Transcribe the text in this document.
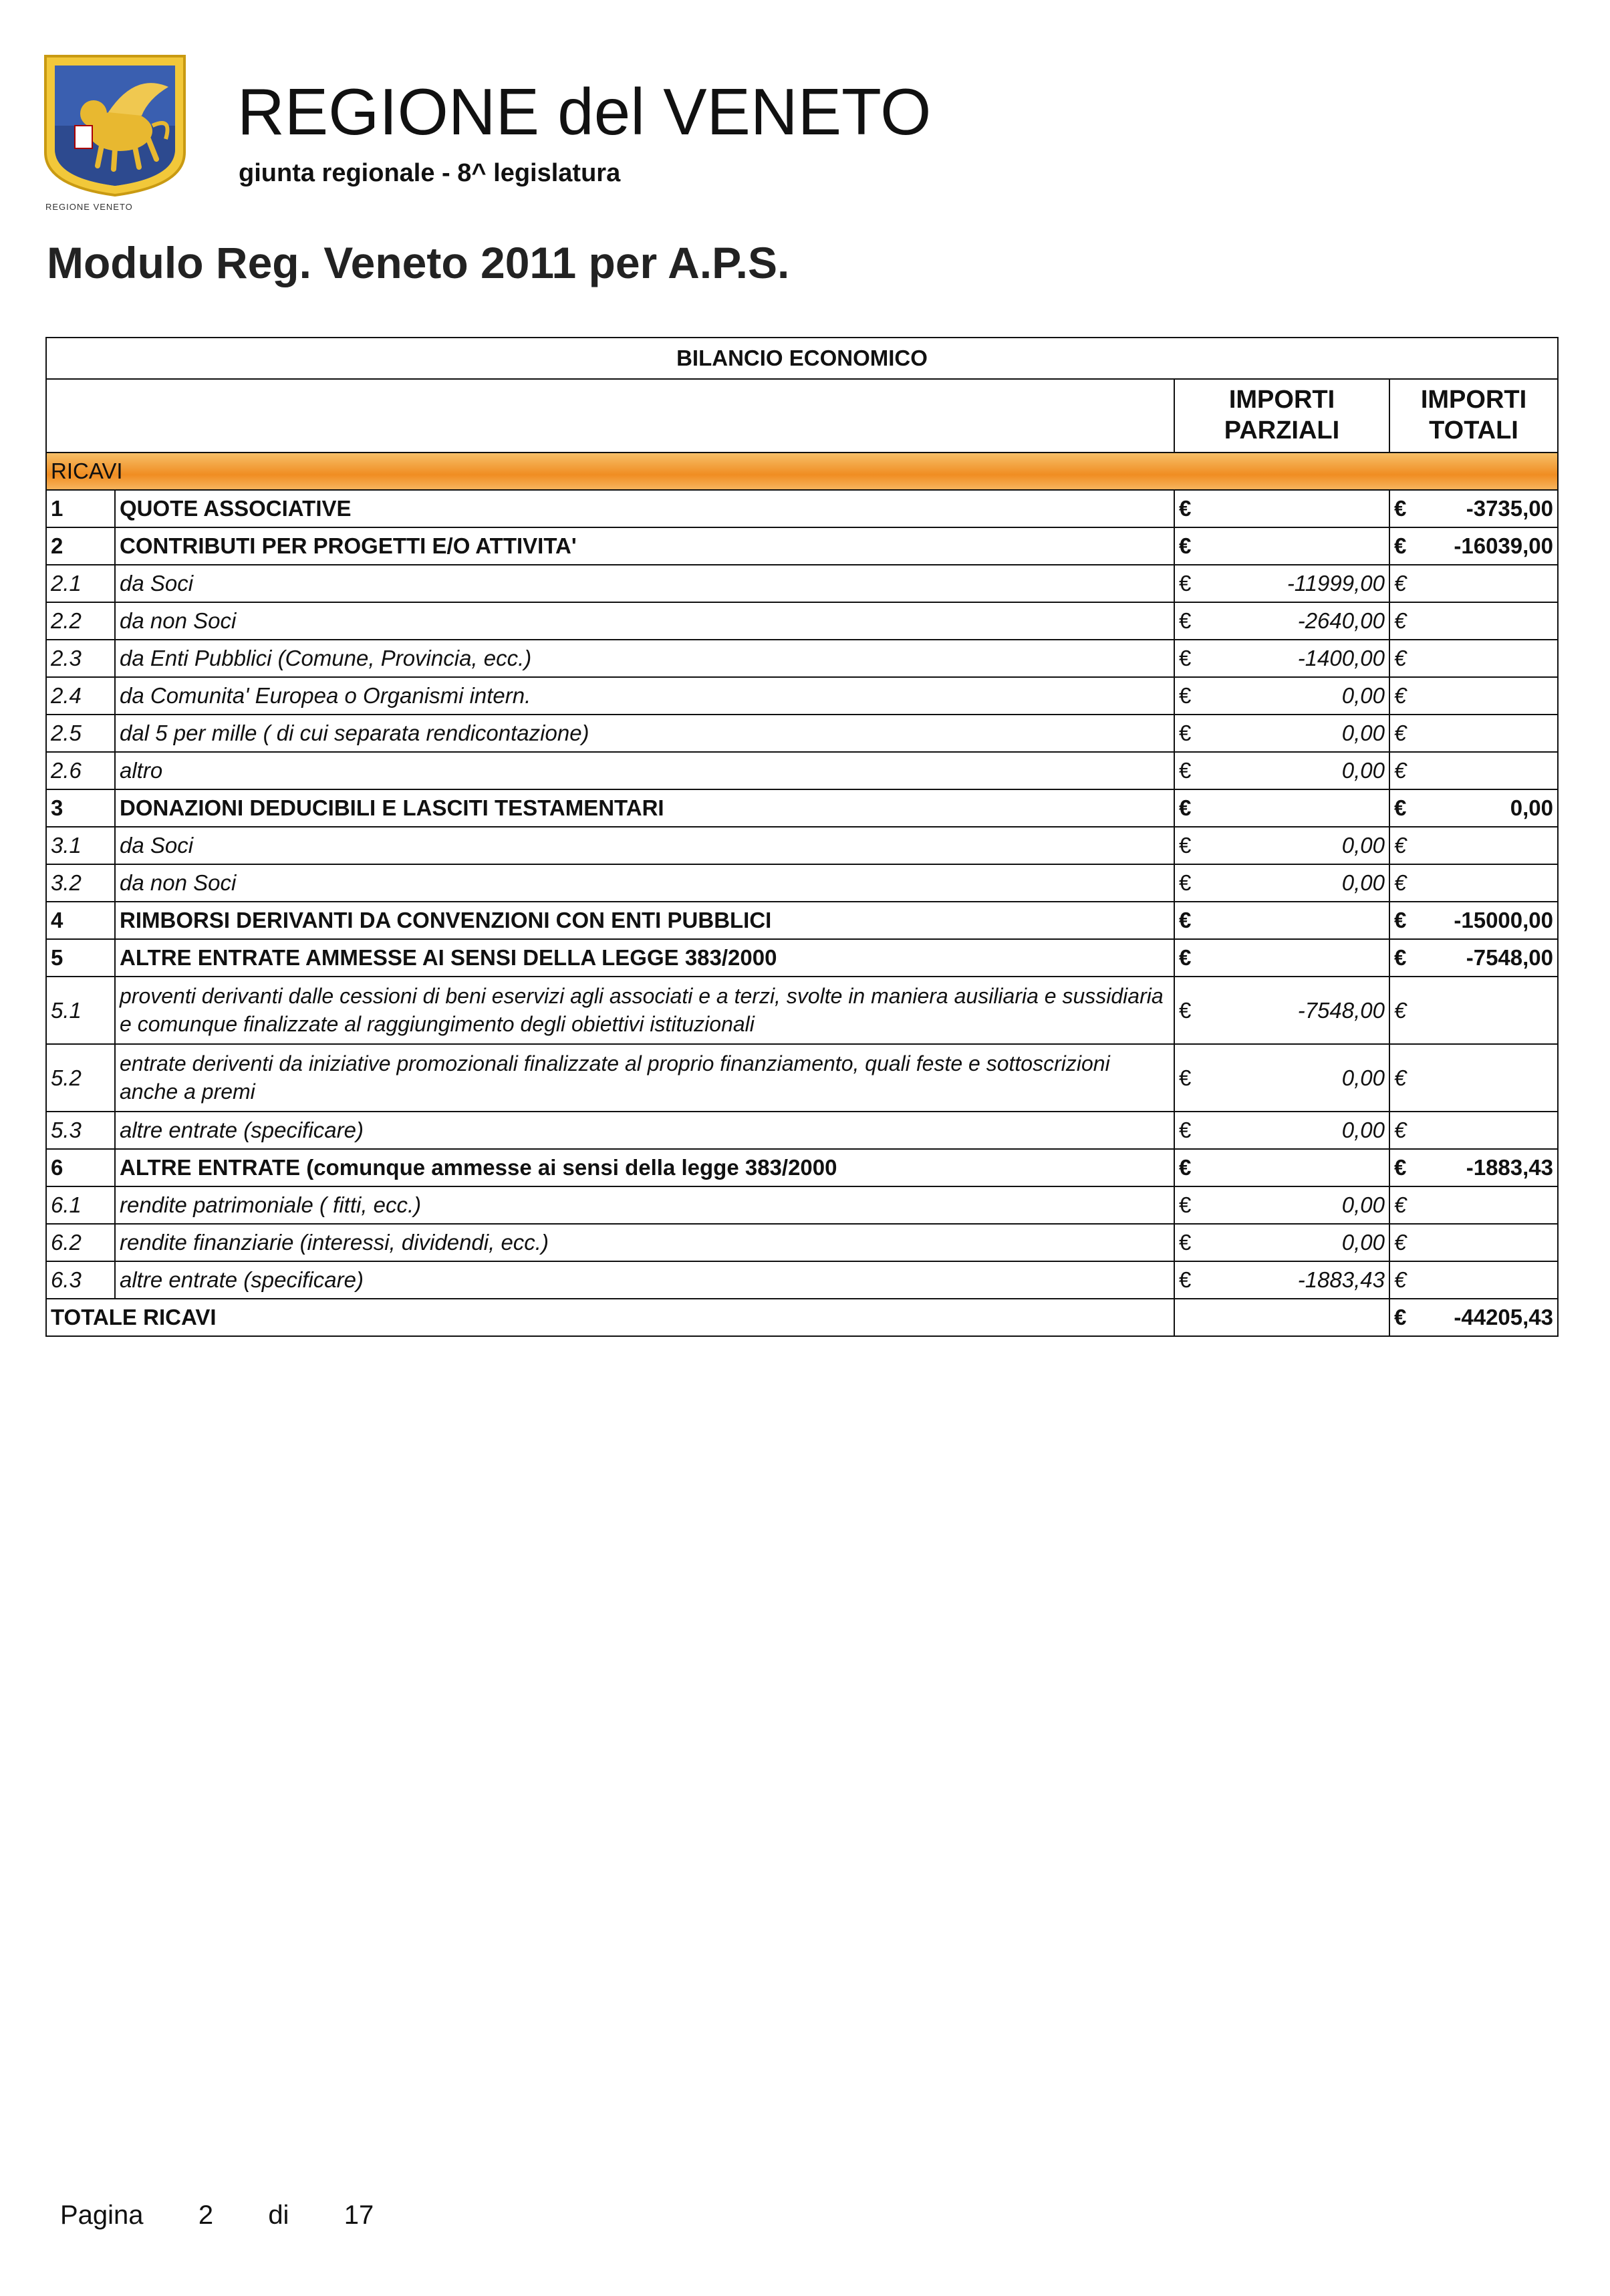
REGIONE VENETO
REGIONE del VENETO
giunta regionale - 8^ legislatura
Modulo Reg. Veneto 2011 per A.P.S.
BILANCIO ECONOMICO			
		IMPORTI PARZIALI	IMPORTI TOTALI
RICAVI			
1	QUOTE ASSOCIATIVE	€	€ -3735,00

2	CONTRIBUTI PER PROGETTI E/O ATTIVITA'	€	€ -16039,00

2.1	da Soci	€ -11999,00	€

2.2	da non Soci	€ -2640,00	€

2.3	da Enti Pubblici (Comune, Provincia, ecc.)	€ -1400,00	€

2.4	da Comunita' Europea o Organismi intern.	€ 0,00	€

2.5	dal 5 per mille ( di cui separata rendicontazione)	€ 0,00	€

2.6	altro	€ 0,00	€

3	DONAZIONI DEDUCIBILI E LASCITI TESTAMENTARI	€	€ 0,00

3.1	da Soci	€ 0,00	€

3.2	da non Soci	€ 0,00	€

4	RIMBORSI DERIVANTI DA CONVENZIONI CON ENTI PUBBLICI	€	€ -15000,00

5	ALTRE ENTRATE AMMESSE AI SENSI DELLA LEGGE 383/2000	€	€ -7548,00

5.1	proventi derivanti dalle cessioni di beni eservizi agli associati e a terzi, svolte in maniera ausiliaria e sussidiaria e comunque finalizzate al raggiungimento degli obiettivi istituzionali	€ -7548,00	€

5.2	entrate deriventi da iniziative promozionali finalizzate al proprio finanziamento, quali feste e sottoscrizioni anche a premi	€ 0,00	€

5.3	altre entrate (specificare)	€ 0,00	€

6	ALTRE ENTRATE (comunque ammesse ai sensi della legge 383/2000	€	€ -1883,43

6.1	rendite patrimoniale ( fitti, ecc.)	€ 0,00	€

6.2	rendite finanziarie (interessi, dividendi, ecc.)	€ 0,00	€

6.3	altre entrate (specificare)	€ -1883,43	€

TOTALE RICAVI			€ -44205,43
Pagina 2 di 17
